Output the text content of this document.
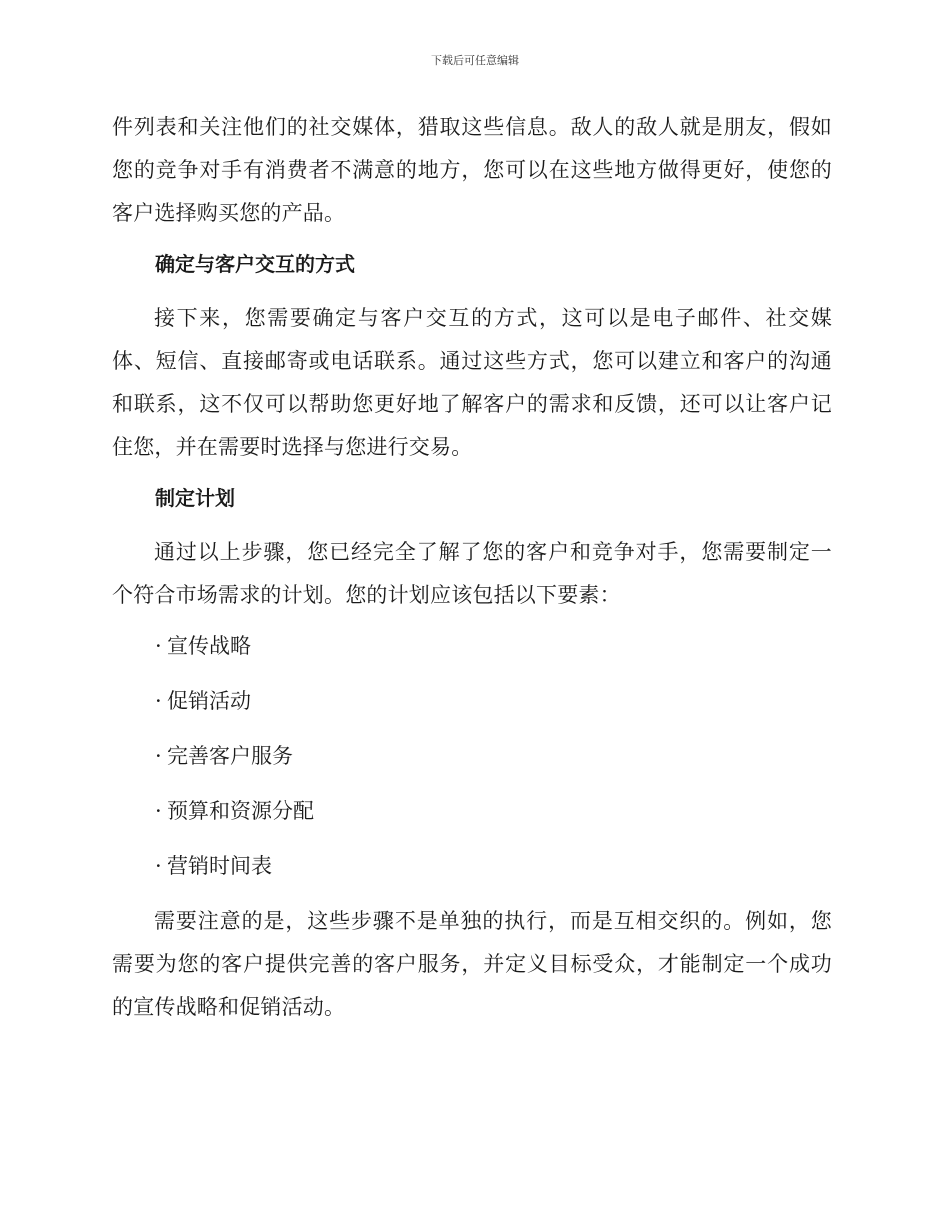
下载后可任意编辑

件列表和关注他们的社交媒体，猎取这些信息。敌人的敌人就是朋友，假如您的竞争对手有消费者不满意的地方，您可以在这些地方做得更好，使您的客户选择购买您的产品。

确定与客户交互的方式

接下来，您需要确定与客户交互的方式，这可以是电子邮件、社交媒体、短信、直接邮寄或电话联系。通过这些方式，您可以建立和客户的沟通和联系，这不仅可以帮助您更好地了解客户的需求和反馈，还可以让客户记住您，并在需要时选择与您进行交易。

制定计划

通过以上步骤，您已经完全了解了您的客户和竞争对手，您需要制定一个符合市场需求的计划。您的计划应该包括以下要素：

· 宣传战略
· 促销活动
· 完善客户服务
· 预算和资源分配
· 营销时间表

需要注意的是，这些步骤不是单独的执行，而是互相交织的。例如，您需要为您的客户提供完善的客户服务，并定义目标受众，才能制定一个成功的宣传战略和促销活动。
